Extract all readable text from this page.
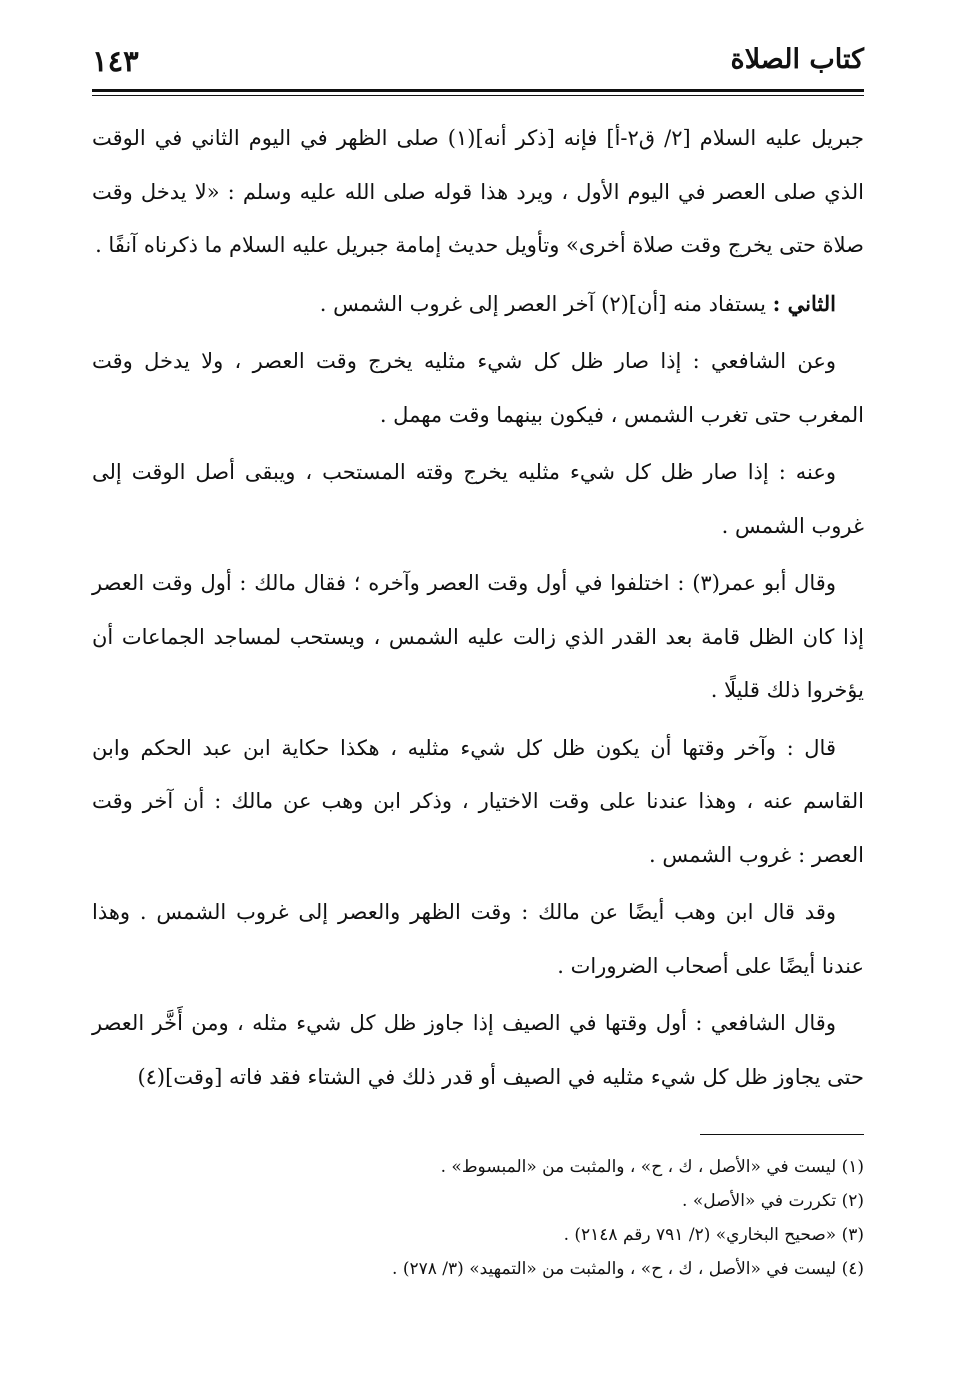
كتاب الصلاة
١٤٣

جبريل عليه السلام [٢/ ق٢-أ] فإنه [ذكر أنه](١) صلى الظهر في اليوم الثاني في الوقت الذي صلى العصر في اليوم الأول ، ويرد هذا قوله صلى الله عليه وسلم : «لا يدخل وقت صلاة حتى يخرج وقت صلاة أخرى» وتأويل حديث إمامة جبريل عليه السلام ما ذكرناه آنفًا .

الثاني : يستفاد منه [أن](٢) آخر العصر إلى غروب الشمس .

وعن الشافعي : إذا صار ظل كل شيء مثليه يخرج وقت العصر ، ولا يدخل وقت المغرب حتى تغرب الشمس ، فيكون بينهما وقت مهمل .

وعنه : إذا صار ظل كل شيء مثليه يخرج وقته المستحب ، ويبقى أصل الوقت إلى غروب الشمس .

وقال أبو عمر(٣) : اختلفوا في أول وقت العصر وآخره ؛ فقال مالك : أول وقت العصر إذا كان الظل قامة بعد القدر الذي زالت عليه الشمس ، ويستحب لمساجد الجماعات أن يؤخروا ذلك قليلًا .

قال : وآخر وقتها أن يكون ظل كل شيء مثليه ، هكذا حكاية ابن عبد الحكم وابن القاسم عنه ، وهذا عندنا على وقت الاختيار ، وذكر ابن وهب عن مالك : أن آخر وقت العصر : غروب الشمس .

وقد قال ابن وهب أيضًا عن مالك : وقت الظهر والعصر إلى غروب الشمس . وهذا عندنا أيضًا على أصحاب الضرورات .

وقال الشافعي : أول وقتها في الصيف إذا جاوز ظل كل شيء مثله ، ومن أَخَّر العصر حتى يجاوز ظل كل شيء مثليه في الصيف أو قدر ذلك في الشتاء فقد فاته [وقت](٤)

(١) ليست في «الأصل ، ك ، ح» ، والمثبت من «المبسوط» .
(٢) تكررت في «الأصل» .
(٣) «صحيح البخاري» (٢/ ٧٩١ رقم ٢١٤٨) .
(٤) ليست في «الأصل ، ك ، ح» ، والمثبت من «التمهيد» (٣/ ٢٧٨) .
